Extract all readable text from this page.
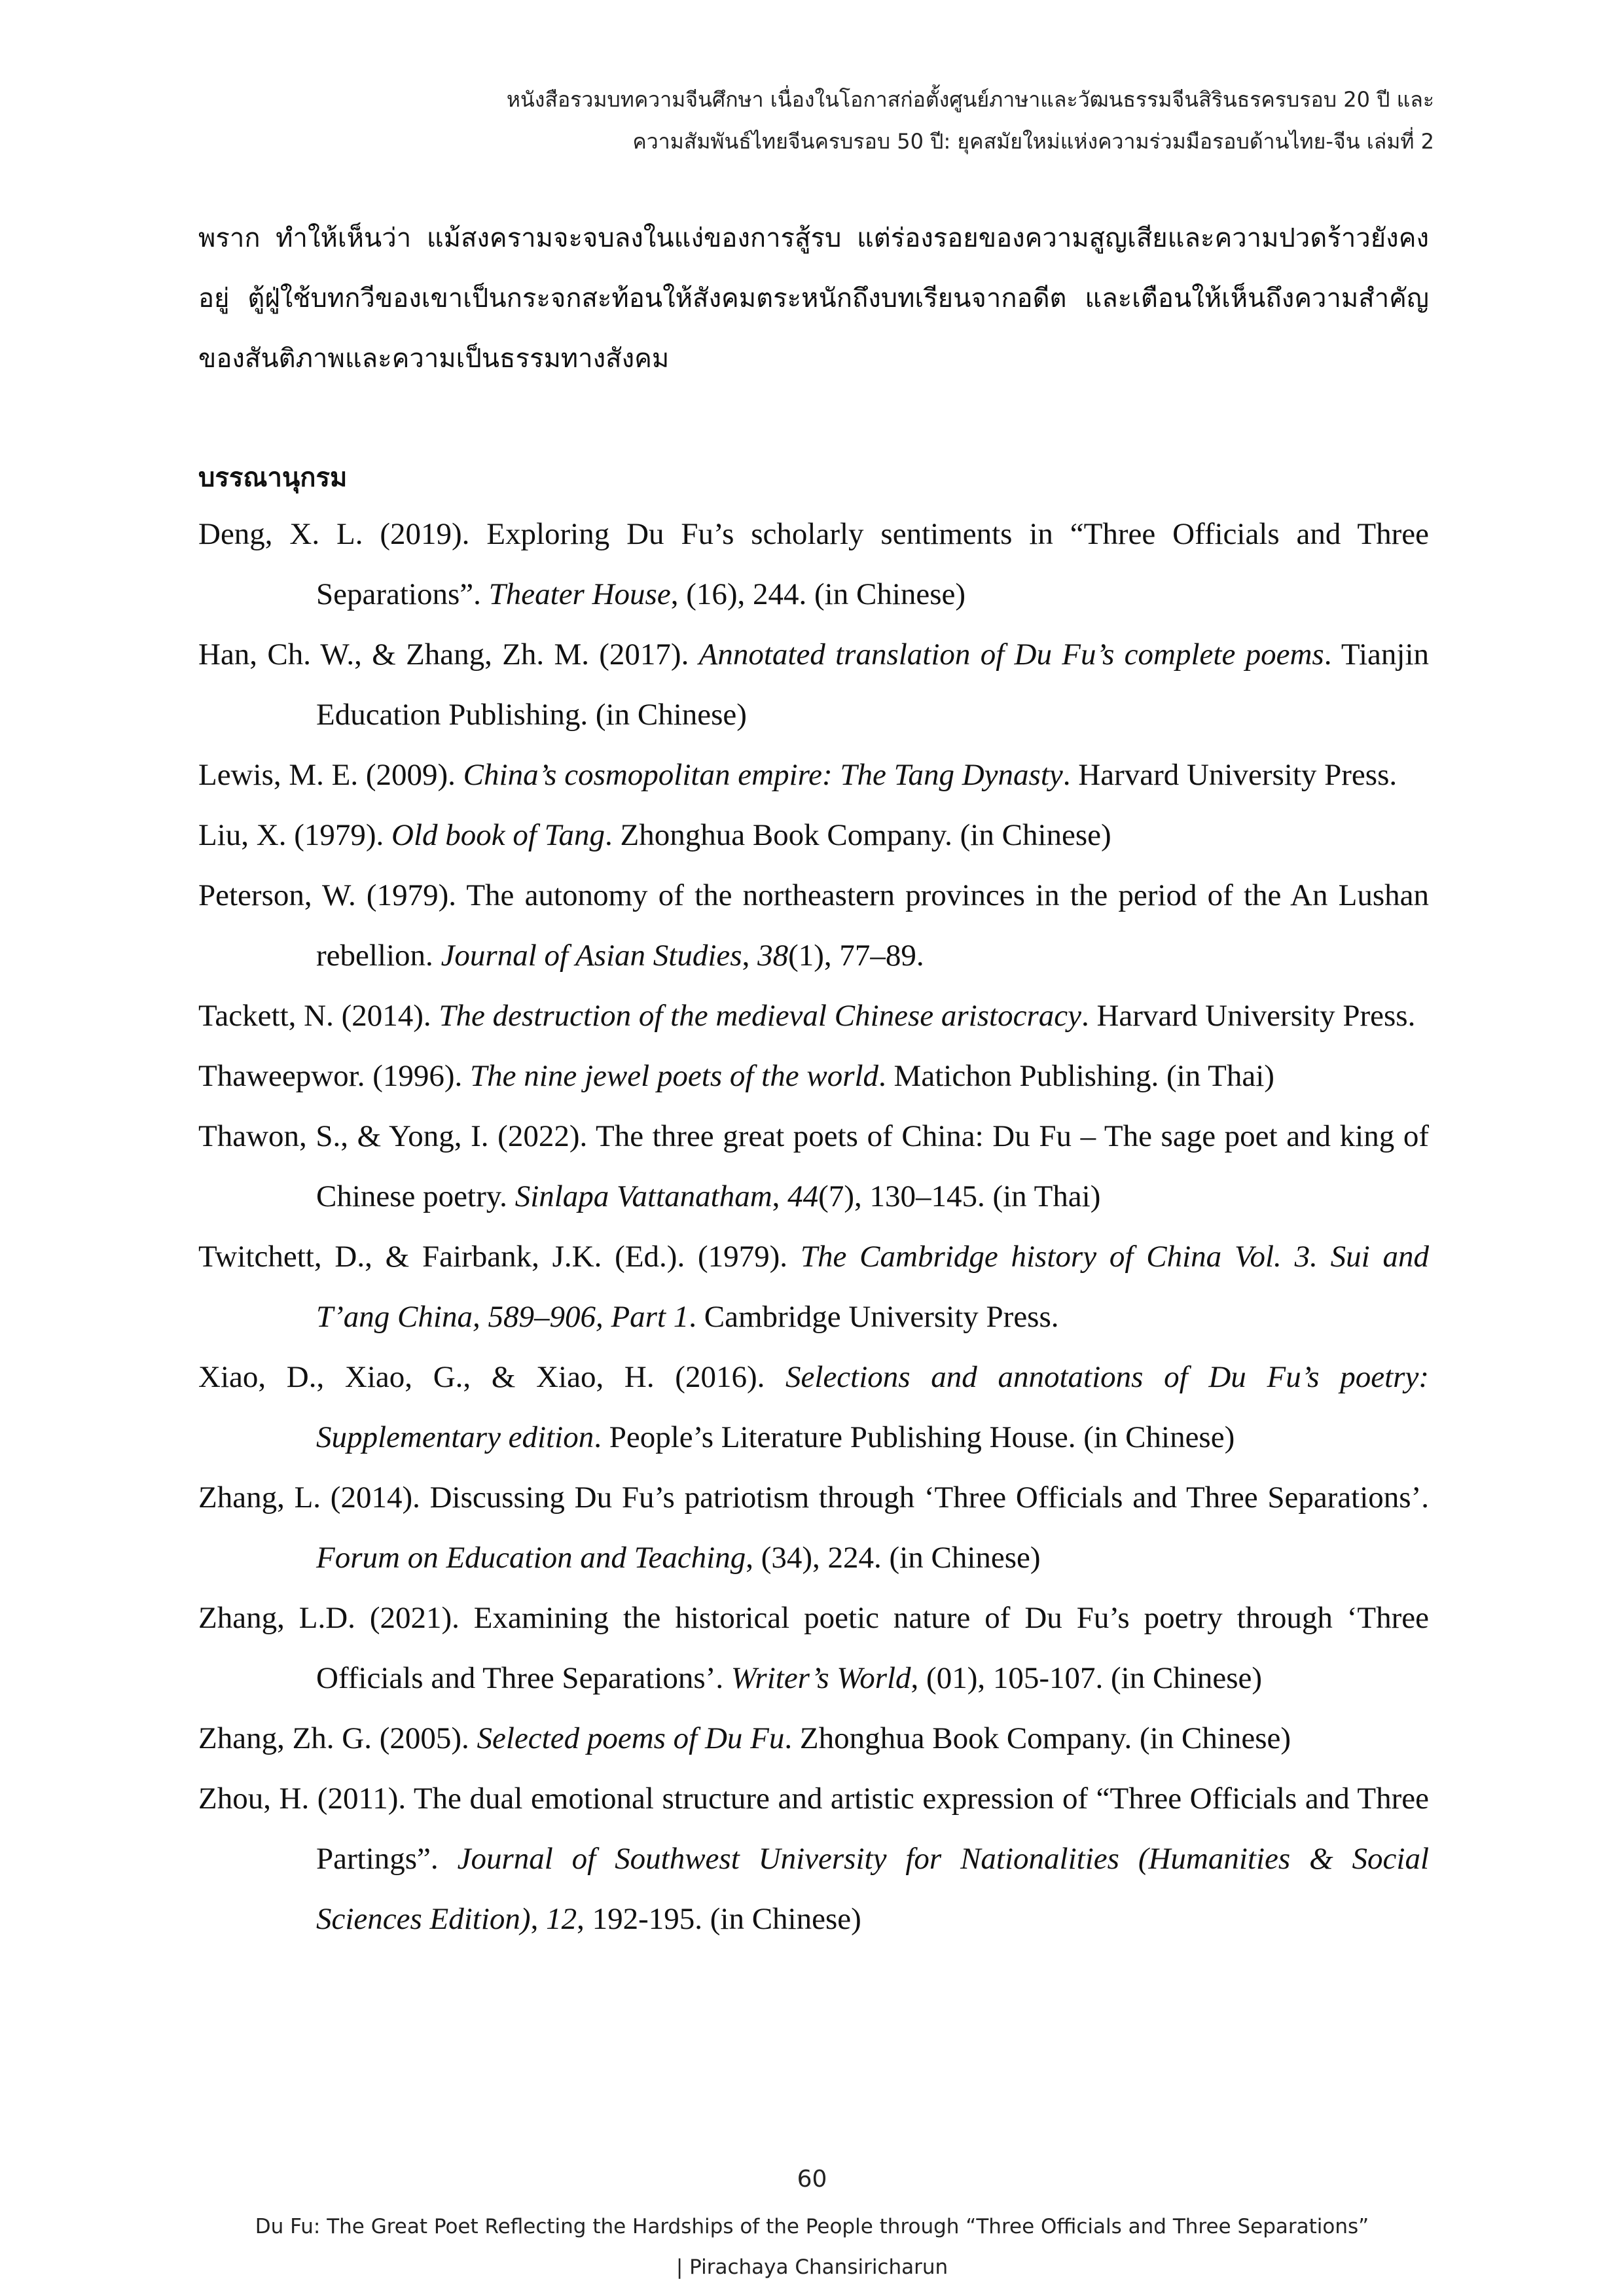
หนังสือรวมบทความจีนศึกษา เนื่องในโอกาสก่อตั้งศูนย์ภาษาและวัฒนธรรมจีนสิรินธรครบรอบ 20 ปี และ
ความสัมพันธ์ไทยจีนครบรอบ 50 ปี: ยุคสมัยใหม่แห่งความร่วมมือรอบด้านไทย-จีน เล่มที่ 2
พราก ทำให้เห็นว่า แม้สงครามจะจบลงในแง่ของการสู้รบ แต่ร่องรอยของความสูญเสียและความปวดร้าวยังคงอยู่ ตู้ฝู่ใช้บทกวีของเขาเป็นกระจกสะท้อนให้สังคมตระหนักถึงบทเรียนจากอดีต และเตือนให้เห็นถึงความสำคัญของสันติภาพและความเป็นธรรมทางสังคม
บรรณานุกรม
Deng, X. L. (2019). Exploring Du Fu’s scholarly sentiments in “Three Officials and Three Separations”. Theater House, (16), 244. (in Chinese)
Han, Ch. W., & Zhang, Zh. M. (2017). Annotated translation of Du Fu’s complete poems. Tianjin Education Publishing. (in Chinese)
Lewis, M. E. (2009). China’s cosmopolitan empire: The Tang Dynasty. Harvard University Press.
Liu, X. (1979). Old book of Tang. Zhonghua Book Company. (in Chinese)
Peterson, W. (1979). The autonomy of the northeastern provinces in the period of the An Lushan rebellion. Journal of Asian Studies, 38(1), 77–89.
Tackett, N. (2014). The destruction of the medieval Chinese aristocracy. Harvard University Press.
Thaweepwor. (1996). The nine jewel poets of the world. Matichon Publishing. (in Thai)
Thawon, S., & Yong, I. (2022). The three great poets of China: Du Fu – The sage poet and king of Chinese poetry. Sinlapa Vattanatham, 44(7), 130–145. (in Thai)
Twitchett, D., & Fairbank, J.K. (Ed.). (1979). The Cambridge history of China Vol. 3. Sui and T’ang China, 589–906, Part 1. Cambridge University Press.
Xiao, D., Xiao, G., & Xiao, H. (2016). Selections and annotations of Du Fu’s poetry: Supplementary edition. People’s Literature Publishing House. (in Chinese)
Zhang, L. (2014). Discussing Du Fu’s patriotism through ‘Three Officials and Three Separations’. Forum on Education and Teaching, (34), 224. (in Chinese)
Zhang, L.D. (2021). Examining the historical poetic nature of Du Fu’s poetry through ‘Three Officials and Three Separations’. Writer’s World, (01), 105-107. (in Chinese)
Zhang, Zh. G. (2005). Selected poems of Du Fu. Zhonghua Book Company. (in Chinese)
Zhou, H. (2011). The dual emotional structure and artistic expression of “Three Officials and Three Partings”. Journal of Southwest University for Nationalities (Humanities & Social Sciences Edition), 12, 192-195. (in Chinese)
60
Du Fu: The Great Poet Reflecting the Hardships of the People through “Three Officials and Three Separations”
| Pirachaya Chansiricharun
